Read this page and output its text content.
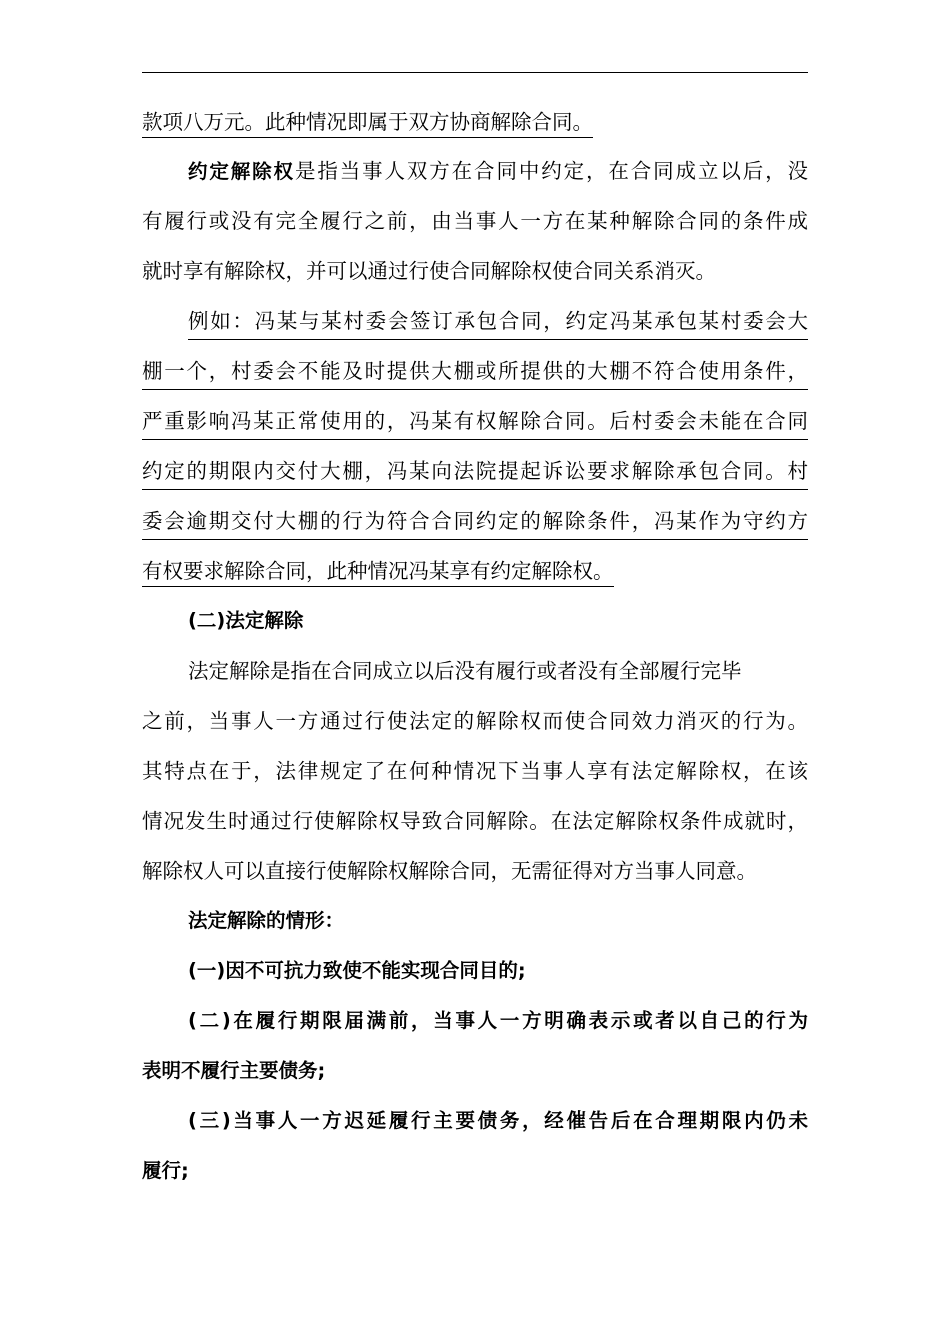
款项八万元。此种情况即属于双方协商解除合同。
约定解除权是指当事人双方在合同中约定，在合同成立以后，没
有履行或没有完全履行之前，由当事人一方在某种解除合同的条件成
就时享有解除权，并可以通过行使合同解除权使合同关系消灭。
例如：冯某与某村委会签订承包合同，约定冯某承包某村委会大
棚一个，村委会不能及时提供大棚或所提供的大棚不符合使用条件，
严重影响冯某正常使用的，冯某有权解除合同。后村委会未能在合同
约定的期限内交付大棚，冯某向法院提起诉讼要求解除承包合同。村
委会逾期交付大棚的行为符合合同约定的解除条件，冯某作为守约方
有权要求解除合同，此种情况冯某享有约定解除权。
(二)法定解除
法定解除是指在合同成立以后没有履行或者没有全部履行完毕
之前，当事人一方通过行使法定的解除权而使合同效力消灭的行为。
其特点在于，法律规定了在何种情况下当事人享有法定解除权，在该
情况发生时通过行使解除权导致合同解除。在法定解除权条件成就时，
解除权人可以直接行使解除权解除合同，无需征得对方当事人同意。
法定解除的情形：
(一)因不可抗力致使不能实现合同目的;
(二)在履行期限届满前，当事人一方明确表示或者以自己的行为
表明不履行主要债务;
(三)当事人一方迟延履行主要债务，经催告后在合理期限内仍未
履行;
